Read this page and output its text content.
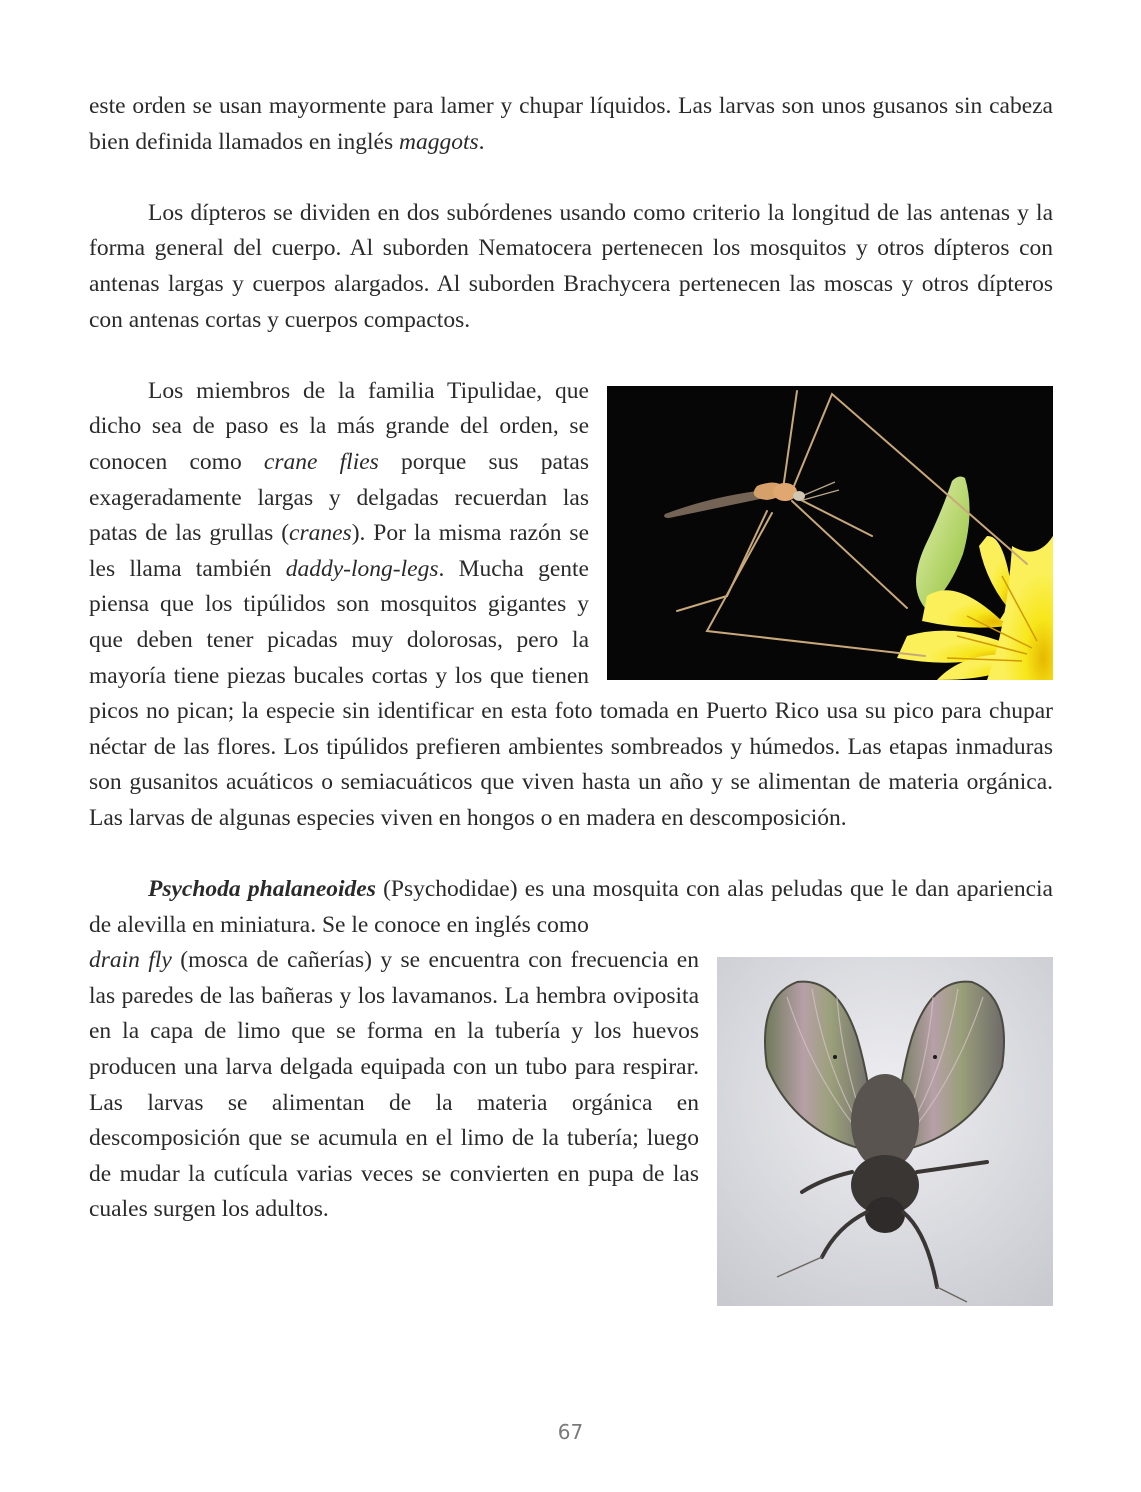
este orden se usan mayormente para lamer y chupar líquidos. Las larvas son unos gusanos sin cabeza bien definida llamados en inglés maggots.

Los dípteros se dividen en dos subórdenes usando como criterio la longitud de las antenas y la forma general del cuerpo. Al suborden Nematocera pertenecen los mosquitos y otros dípteros con antenas largas y cuerpos alargados. Al suborden Brachycera pertenecen las moscas y otros dípteros con antenas cortas y cuerpos compactos.

Los miembros de la familia Tipulidae, que dicho sea de paso es la más grande del orden, se conocen como crane flies porque sus patas exageradamente largas y delgadas recuerdan las patas de las grullas (cranes). Por la misma razón se les llama también daddy-long-legs. Mucha gente piensa que los tipúlidos son mosquitos gigantes y que deben tener picadas muy dolorosas, pero la mayoría tiene piezas bucales cortas y los que tienen picos no pican; la especie sin identificar en esta foto tomada en Puerto Rico usa su pico para chupar néctar de las flores. Los tipúlidos prefieren ambientes sombreados y húmedos. Las etapas inmaduras son gusanitos acuáticos o semiacuáticos que viven hasta un año y se alimentan de materia orgánica. Las larvas de algunas especies viven en hongos o en madera en descomposición.

Psychoda phalaneoides (Psychodidae) es una mosquita con alas peludas que le dan apariencia de alevilla en miniatura. Se le conoce en inglés como

drain fly (mosca de cañerías) y se encuentra con frecuencia en las paredes de las bañeras y los lavamanos. La hembra oviposita en la capa de limo que se forma en la tubería y los huevos producen una larva delgada equipada con un tubo para respirar. Las larvas se alimentan de la materia orgánica en descomposición que se acumula en el limo de la tubería; luego de mudar la cutícula varias veces se convierten en pupa de las cuales surgen los adultos.

67
